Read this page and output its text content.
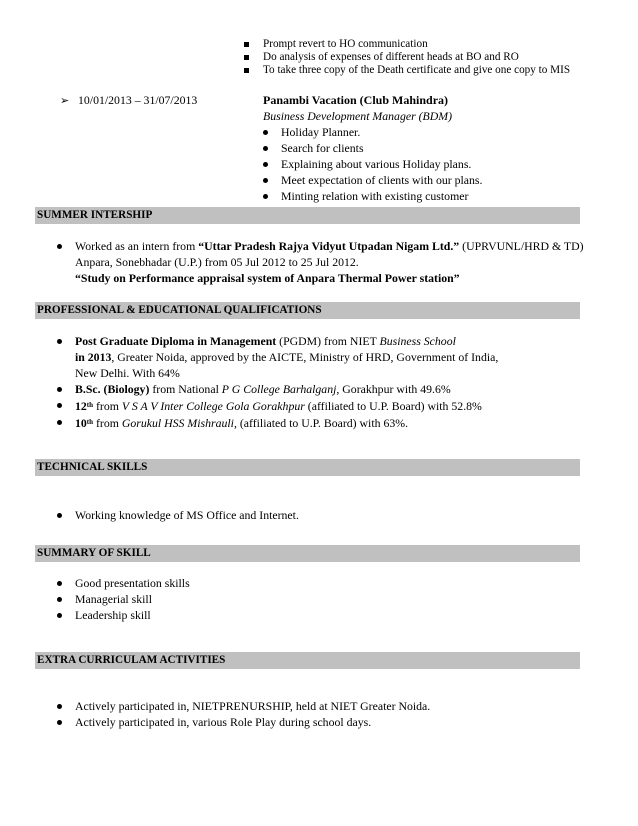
Prompt revert to HO communication
Do analysis of expenses of different heads at BO and RO
To take three copy of the Death certificate and give one copy to MIS
➢ 10/01/2013 – 31/07/2013	Panambi Vacation (Club Mahindra)
Business Development Manager (BDM)
Holiday Planner.
Search for clients
Explaining about various Holiday plans.
Meet expectation of clients with our plans.
Minting relation with existing customer
SUMMER INTERSHIP
Worked as an intern from “Uttar Pradesh Rajya Vidyut Utpadan Nigam Ltd.” (UPRVUNL/HRD & TD)
Anpara, Sonebhadar (U.P.) from 05 Jul 2012 to 25 Jul 2012.
“Study on Performance appraisal system of Anpara Thermal Power station”
PROFESSIONAL & EDUCATIONAL QUALIFICATIONS
Post Graduate Diploma in Management (PGDM) from NIET Business School
in 2013, Greater Noida, approved by the AICTE, Ministry of HRD, Government of India,
New Delhi. With 64%
B.Sc. (Biology) from National P G College Barhalganj, Gorakhpur with 49.6%
12th from V S A V Inter College Gola Gorakhpur (affiliated to U.P. Board) with 52.8%
10th from Gorukul HSS Mishrauli, (affiliated to U.P. Board) with 63%.
TECHNICAL SKILLS
Working knowledge of MS Office and Internet.
SUMMARY OF SKILL
Good presentation skills
Managerial skill
Leadership skill
EXTRA CURRICULAM ACTIVITIES
Actively participated in, NIETPRENURSHIP, held at NIET Greater Noida.
Actively participated in, various Role Play during school days.
